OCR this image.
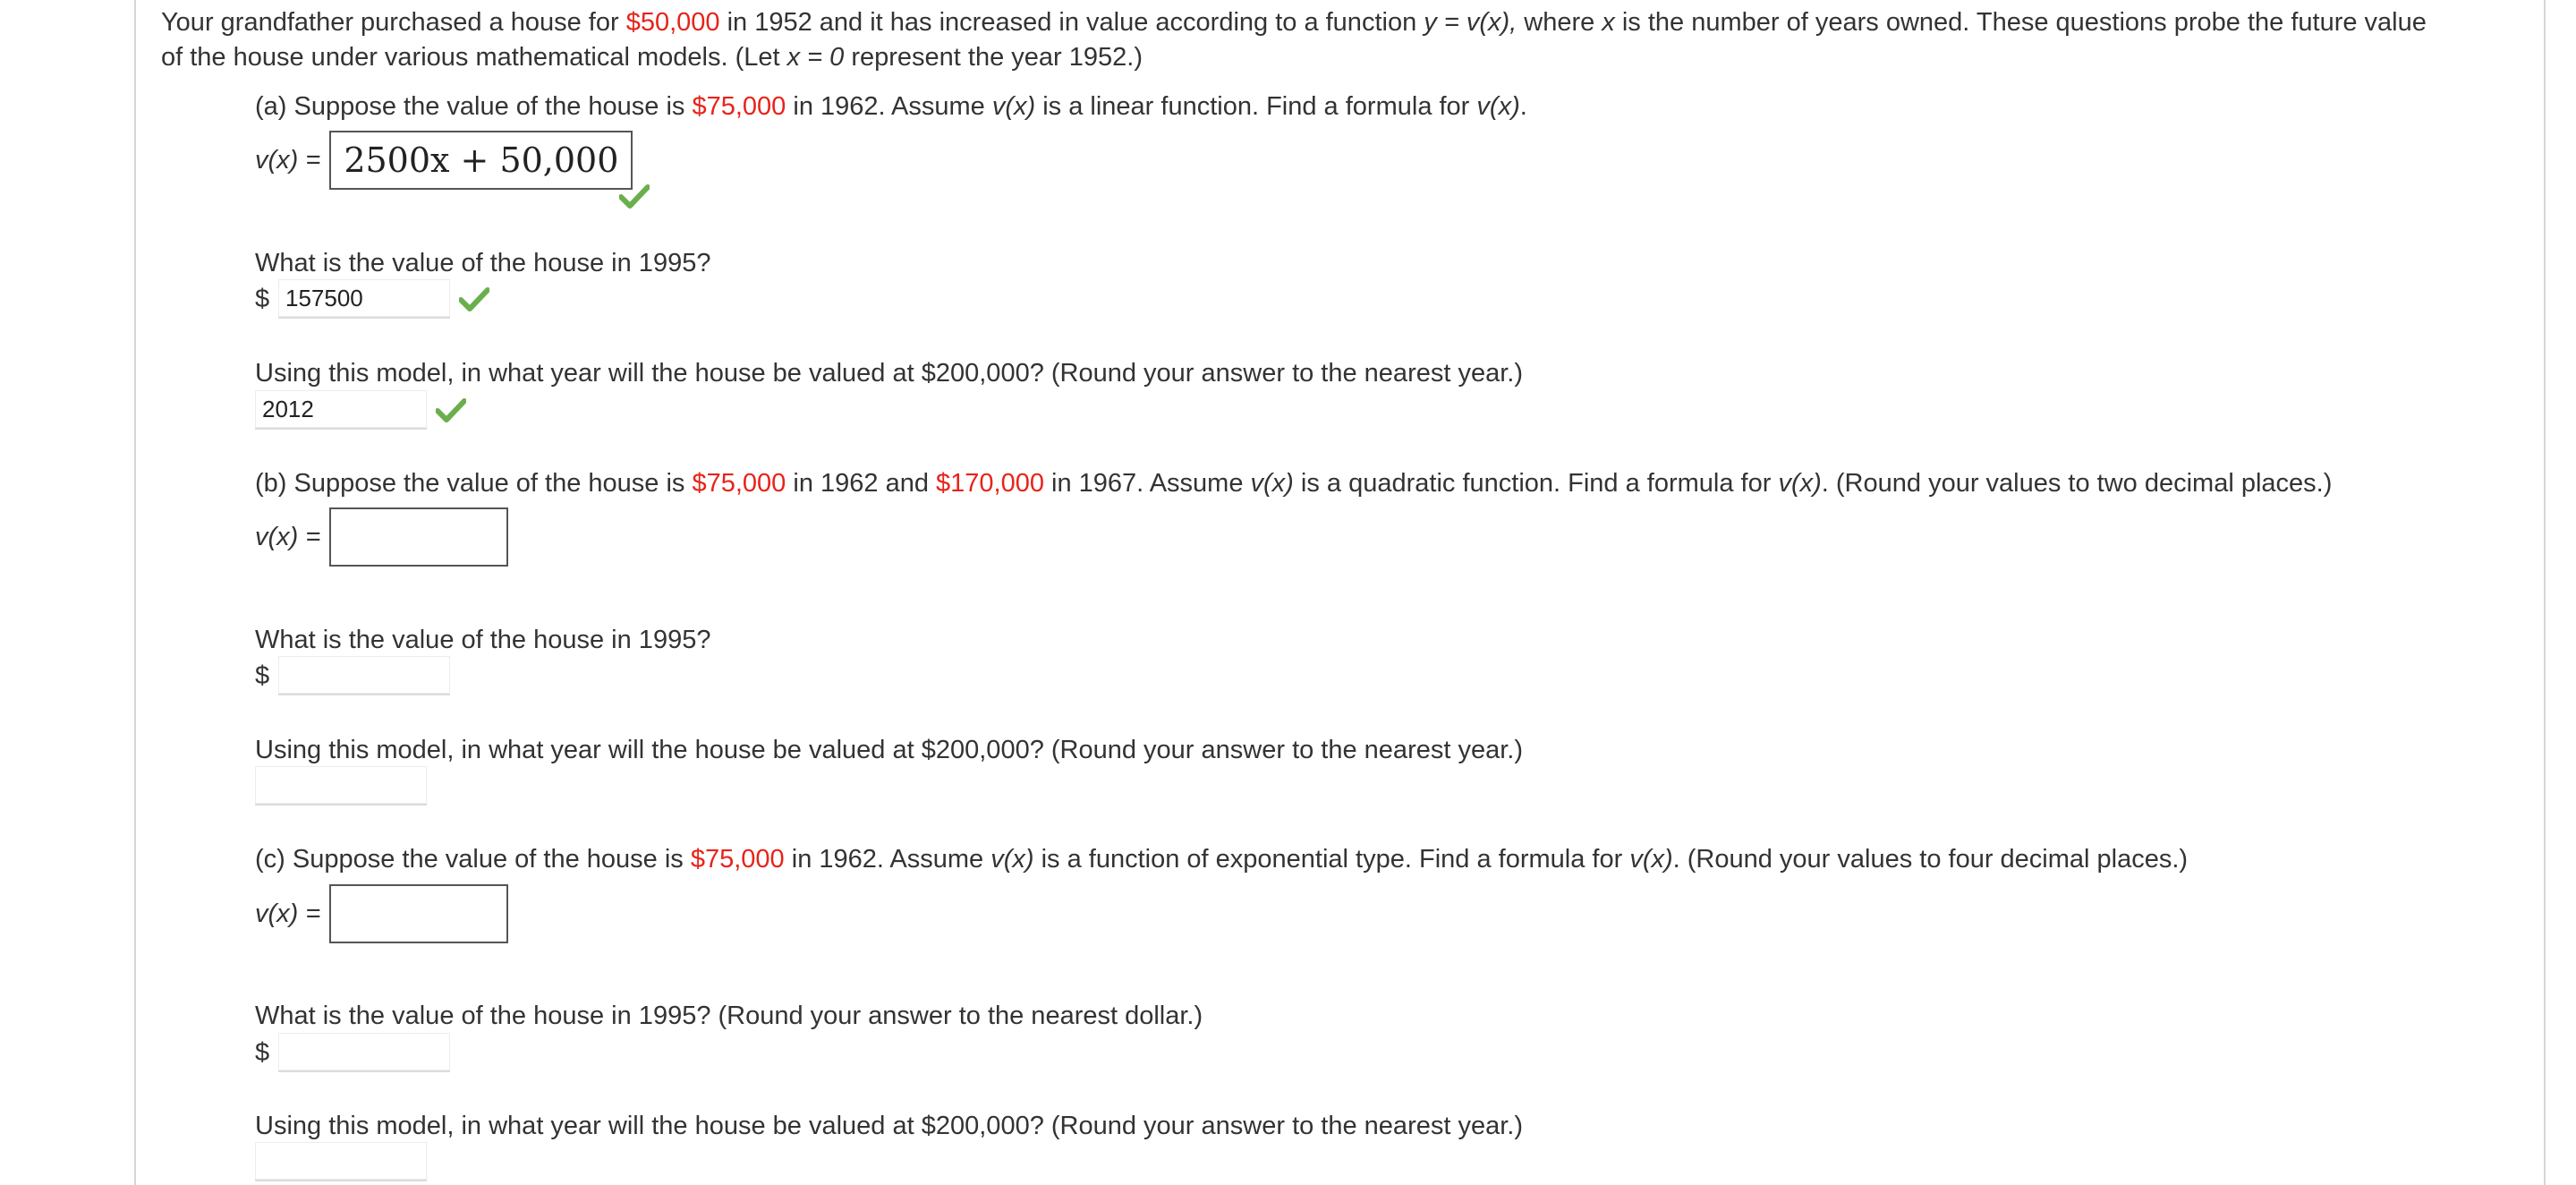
Your grandfather purchased a house for $50,000 in 1952 and it has increased in value according to a function y = v(x), where x is the number of years owned. These questions probe the future value
of the house under various mathematical models. (Let x = 0 represent the year 1952.)
(a) Suppose the value of the house is $75,000 in 1962. Assume v(x) is a linear function. Find a formula for v(x).
v(x) = 2500x + 50,000
What is the value of the house in 1995?
$ 157500
Using this model, in what year will the house be valued at $200,000? (Round your answer to the nearest year.)
2012
(b) Suppose the value of the house is $75,000 in 1962 and $170,000 in 1967. Assume v(x) is a quadratic function. Find a formula for v(x). (Round your values to two decimal places.)
v(x) =
What is the value of the house in 1995?
$
Using this model, in what year will the house be valued at $200,000? (Round your answer to the nearest year.)
(c) Suppose the value of the house is $75,000 in 1962. Assume v(x) is a function of exponential type. Find a formula for v(x). (Round your values to four decimal places.)
v(x) =
What is the value of the house in 1995? (Round your answer to the nearest dollar.)
$
Using this model, in what year will the house be valued at $200,000? (Round your answer to the nearest year.)
